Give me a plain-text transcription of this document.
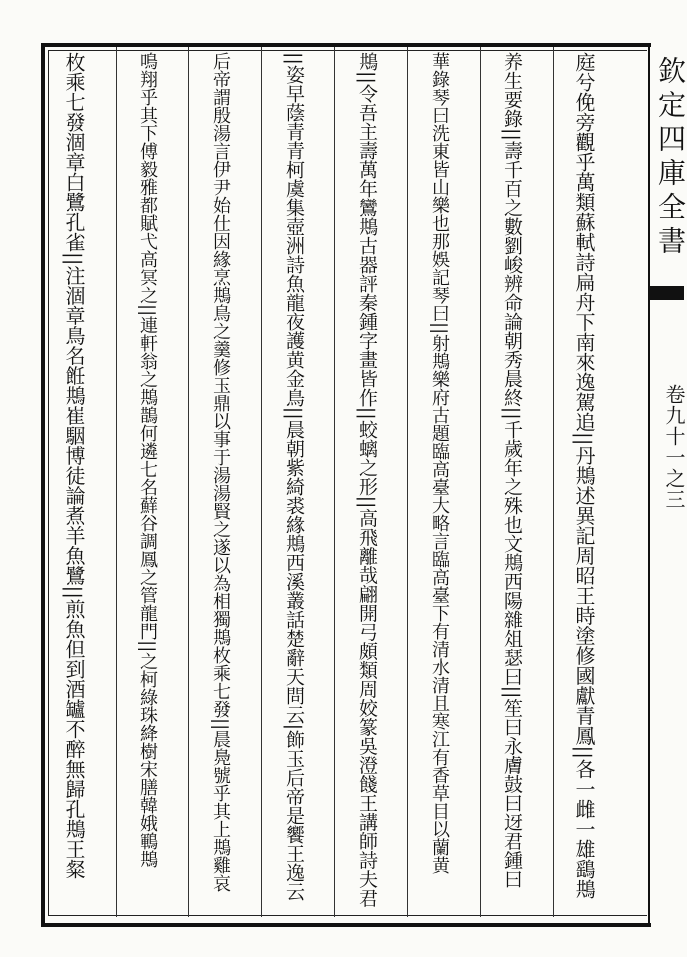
欽定四庫全書
卷九十一之三
庭兮俛旁觀乎萬類蘇軾詩扁舟下南來逸駕追||丹䳍述異記周昭王時塗修國獻青鳳||各一雌一雄鷂䳍
养生要錄||壽千百之數劉峻辨命論朝秀晨終||千歲年之殊也文䳍西陽雜俎瑟曰||笙曰永膚鼓曰迓君鍾曰
華錄琴曰洗東皆山樂也那娛記琴曰||射䳍樂府古題臨高臺大略言臨高臺下有清水清且寒江有香草目以蘭黄
䳍||令吾主壽萬年鸞䳍古器評秦鍾字畫皆作||蛟螭之形||高飛離哉翩開弓頗類周姣篆吳澄餞王講師詩夫君
||姿早蔭青青柯虞集壺洲詩魚龍夜護黄金鳥||晨朝紫綺裘緣䳍西溪叢話楚辭天問云|飾玉后帝是饗王逸云
后帝謂殷湯言伊尹始仕因緣烹䳍鳥之羹修玉鼎以事于湯湯賢之遂以為相獨䳍枚乘七發||晨鳧號乎其上䳍雞哀
鳴翔乎其下傅毅雅都賦弋高冥之||連軒翁之䳍鵲何遴七名蘚谷調鳳之管龍門||之柯綠珠絳樹宋膳韓娥鶤䳍
枚乘七發涸章白鷺孔雀||注涸章鳥名餁䳍崔駰博徒論煮羊魚鷺||煎魚但到酒罏不醉無歸孔䳍王粲
